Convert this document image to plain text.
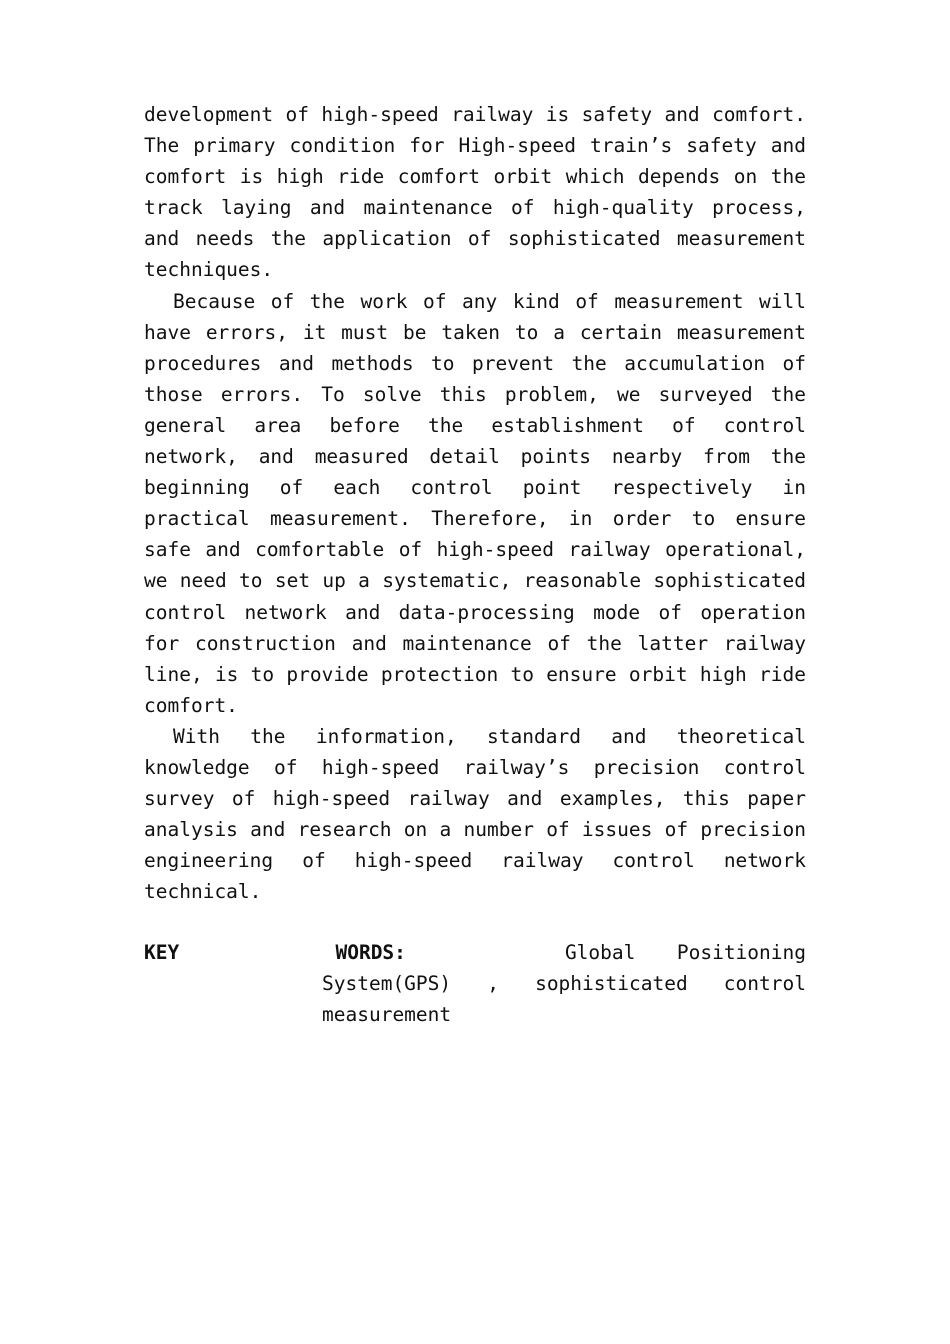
development of high-speed railway is safety and comfort. The primary condition for High-speed train’s safety and comfort is high ride comfort orbit which depends on the track laying and maintenance of high-quality process, and needs the application of sophisticated measurement techniques.

Because of the work of any kind of measurement will have errors, it must be taken to a certain measurement procedures and methods to prevent the accumulation of those errors. To solve this problem, we surveyed the general area before the establishment of control network, and measured detail points nearby from the beginning of each control point respectively in practical measurement. Therefore, in order to ensure safe and comfortable of high-speed railway operational, we need to set up a systematic, reasonable sophisticated control network and data-processing mode of operation for construction and maintenance of the latter railway line, is to provide protection to ensure orbit high ride comfort.

With the information, standard and theoretical knowledge of high-speed railway’s precision control survey of high-speed railway and examples, this paper analysis and research on a number of issues of precision engineering of high-speed railway control network technical.

KEY	WORDS:	Global Positioning
System(GPS) , sophisticated control
measurement
